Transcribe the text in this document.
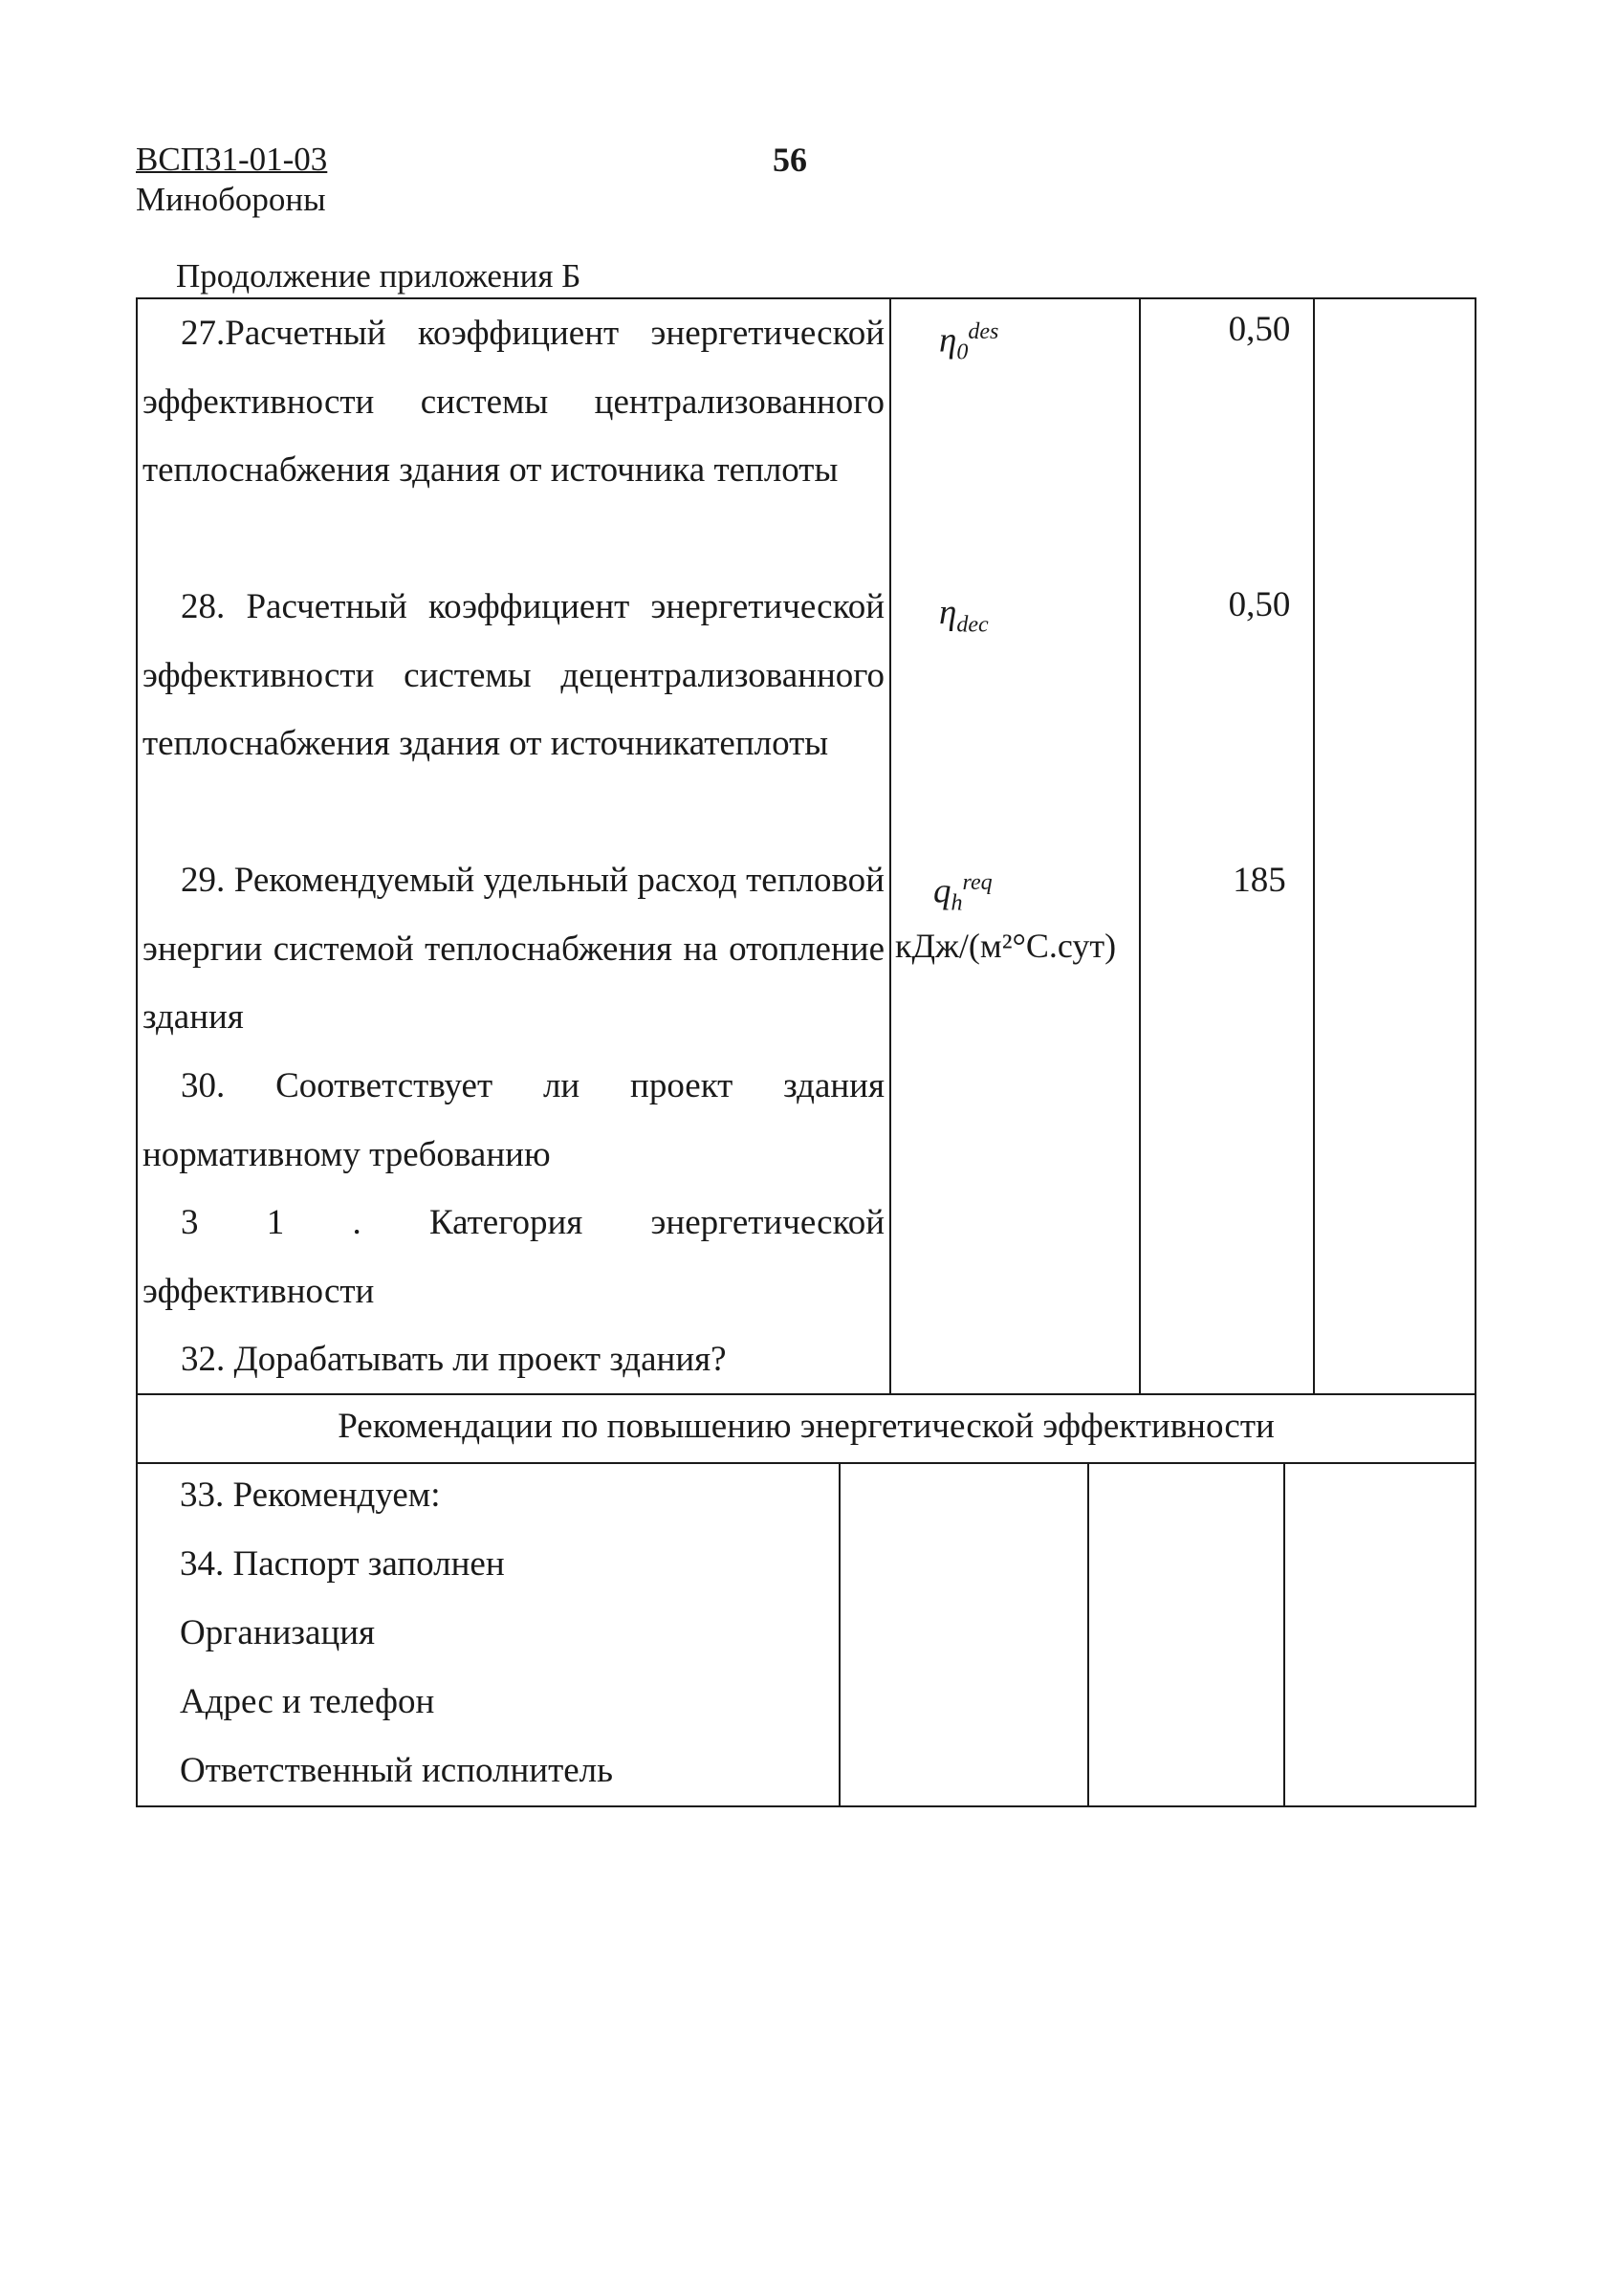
ВСП31-01-03
Минобороны
56
Продолжение приложения Б
27.Расчетный коэффициент энергетической эффективности системы централизованного теплоснабжения здания от источника теплоты
$\eta_0^{des}$	0,50
28. Расчетный коэффициент энергетической эффективности системы децентрализованного теплоснабжения здания от источникатеплоты
$\eta_{dec}$
0,50
29. Рекомендуемый удельный расход тепловой энергии системой теплоснабжения на отопление здания
$q_h^{req}$
кДж/(м²°С.сут)
185
30. Соответствует ли проект здания нормативному требованию
3 1 . Категория энергетической эффективности
32. Дорабатывать ли проект здания?
Рекомендации по повышению энергетической эффективности
33. Рекомендуем:
34. Паспорт заполнен
Организация
Адрес и телефон
Ответственный исполнитель
